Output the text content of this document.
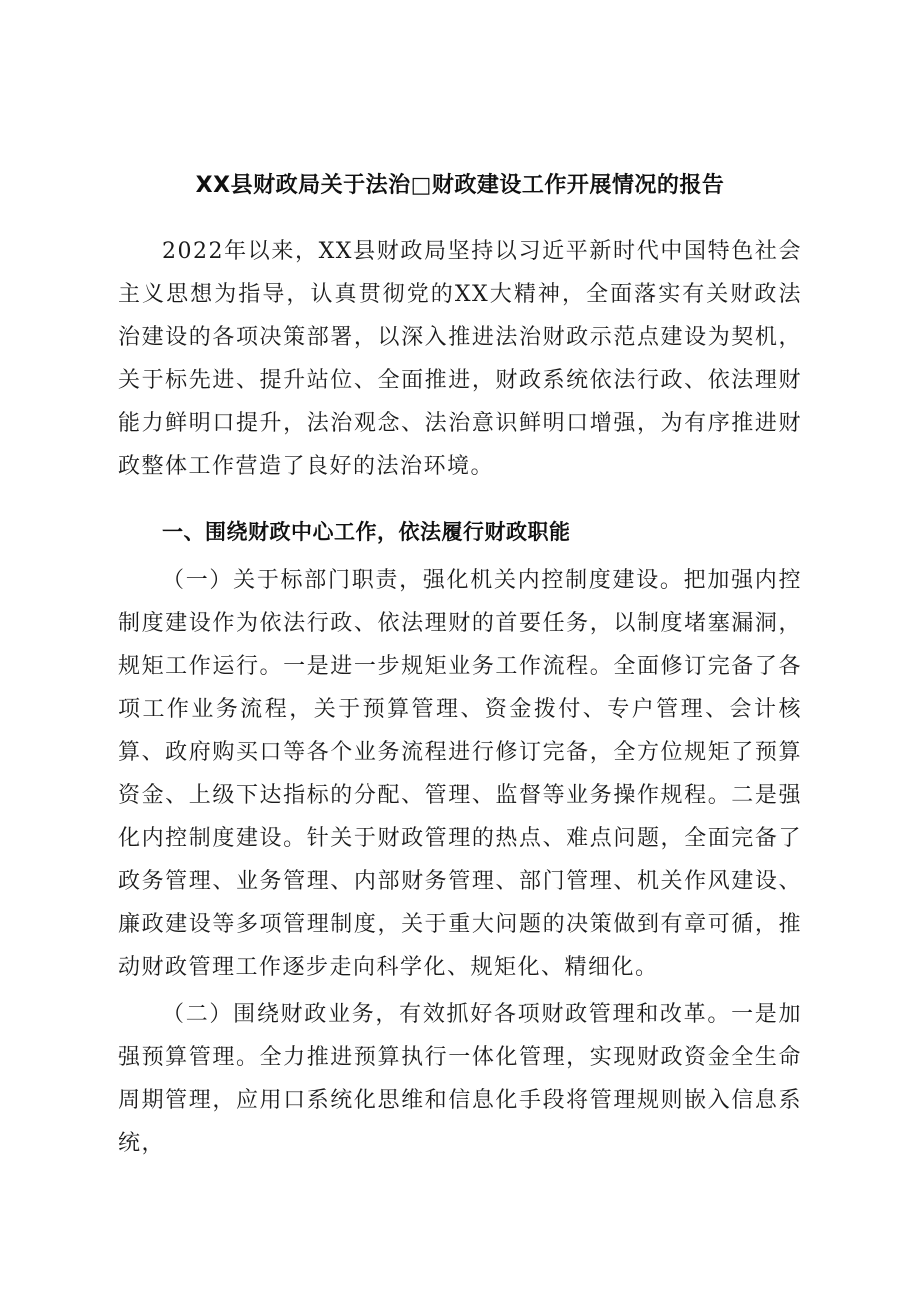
XX县财政局关于法治□财政建设工作开展情况的报告

2022年以来，XX县财政局坚持以习近平新时代中国特色社会主义思想为指导，认真贯彻党的XX大精神，全面落实有关财政法治建设的各项决策部署，以深入推进法治财政示范点建设为契机，关于标先进、提升站位、全面推进，财政系统依法行政、依法理财能力鲜明口提升，法治观念、法治意识鲜明口增强，为有序推进财政整体工作营造了良好的法治环境。

一、围绕财政中心工作，依法履行财政职能

（一）关于标部门职责，强化机关内控制度建设。把加强内控制度建设作为依法行政、依法理财的首要任务，以制度堵塞漏洞，规矩工作运行。一是进一步规矩业务工作流程。全面修订完备了各项工作业务流程，关于预算管理、资金拨付、专户管理、会计核算、政府购买口等各个业务流程进行修订完备，全方位规矩了预算资金、上级下达指标的分配、管理、监督等业务操作规程。二是强化内控制度建设。针关于财政管理的热点、难点问题，全面完备了政务管理、业务管理、内部财务管理、部门管理、机关作风建设、廉政建设等多项管理制度，关于重大问题的决策做到有章可循，推动财政管理工作逐步走向科学化、规矩化、精细化。

（二）围绕财政业务，有效抓好各项财政管理和改革。一是加强预算管理。全力推进预算执行一体化管理，实现财政资金全生命周期管理，应用口系统化思维和信息化手段将管理规则嵌入信息系统，
